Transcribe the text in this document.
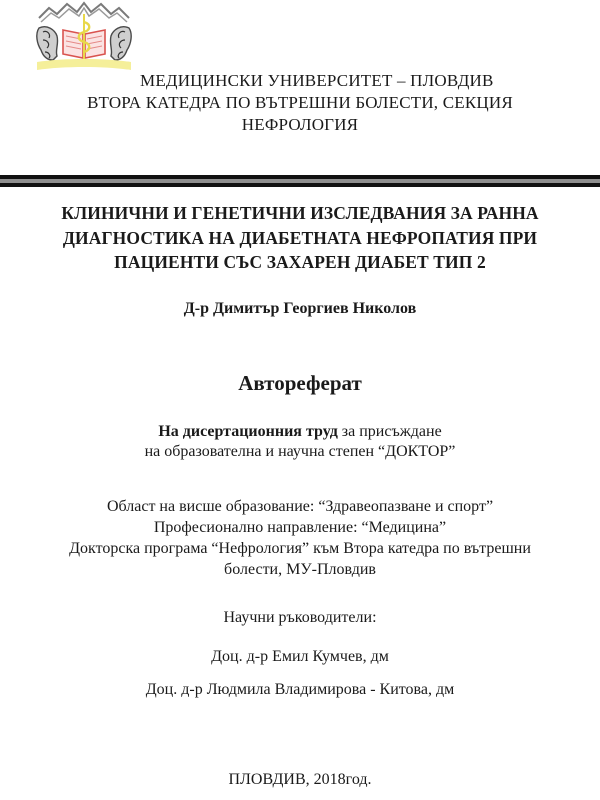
МЕДИЦИНСКИ УНИВЕРСИТЕТ – ПЛОВДИВ
ВТОРА КАТЕДРА ПО ВЪТРЕШНИ БОЛЕСТИ, СЕКЦИЯ
НЕФРОЛОГИЯ
КЛИНИЧНИ И ГЕНЕТИЧНИ ИЗСЛЕДВАНИЯ ЗА РАННА
ДИАГНОСТИКА НА ДИАБЕТНАТА НЕФРОПАТИЯ ПРИ
ПАЦИЕНТИ СЪС ЗАХАРЕН ДИАБЕТ ТИП 2
Д-р Димитър Георгиев Николов
Автореферат
На дисертационния труд за присъждане
на образователна и научна степен “ДОКТОР”
Област на висше образование: “Здравеопазване и спорт”
Професионално направление: “Медицина”
Докторска програма “Нефрология” към Втора катедра по вътрешни
болести, МУ-Пловдив
Научни ръководители:
Доц. д-р Емил Кумчев, дм
Доц. д-р Людмила Владимирова - Китова, дм
ПЛОВДИВ, 2018год.
